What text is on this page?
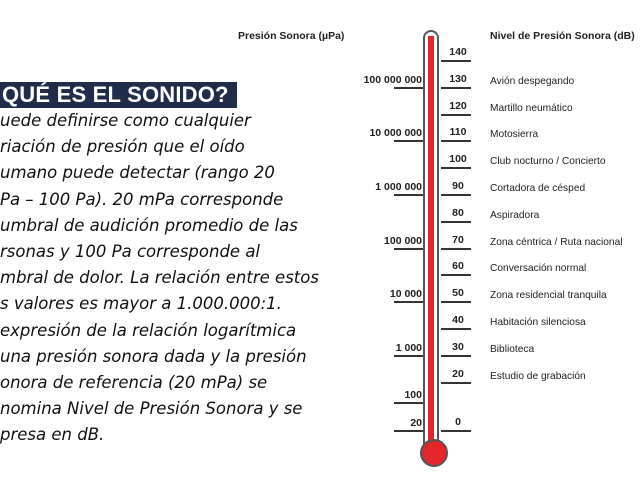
QUÉ ES EL SONIDO?
uede definirse como cualquier
riación de presión que el oído
umano puede detectar (rango 20
Pa – 100 Pa). 20 mPa corresponde
umbral de audición promedio de las
rsonas y 100 Pa corresponde al
mbral de dolor. La relación entre estos
s valores es mayor a 1.000.000:1.
expresión de la relación logarítmica
una presión sonora dada y la presión
onora de referencia (20 mPa) se
nomina Nivel de Presión Sonora y se
presa en dB.
Presión Sonora (µPa)	Nivel de Presión Sonora (dB)
140
130
120
110
100
90
80
70
60
50
40
30
20
0
100 000 000
10 000 000
1 000 000
100 000
10 000
1 000
100
20
Avión despegando
Martillo neumático
Motosierra
Club nocturno / Concierto
Cortadora de césped
Aspiradora
Zona céntrica / Ruta nacional
Conversación normal
Zona residencial tranquila
Habitación silenciosa
Biblioteca
Estudio de grabación
